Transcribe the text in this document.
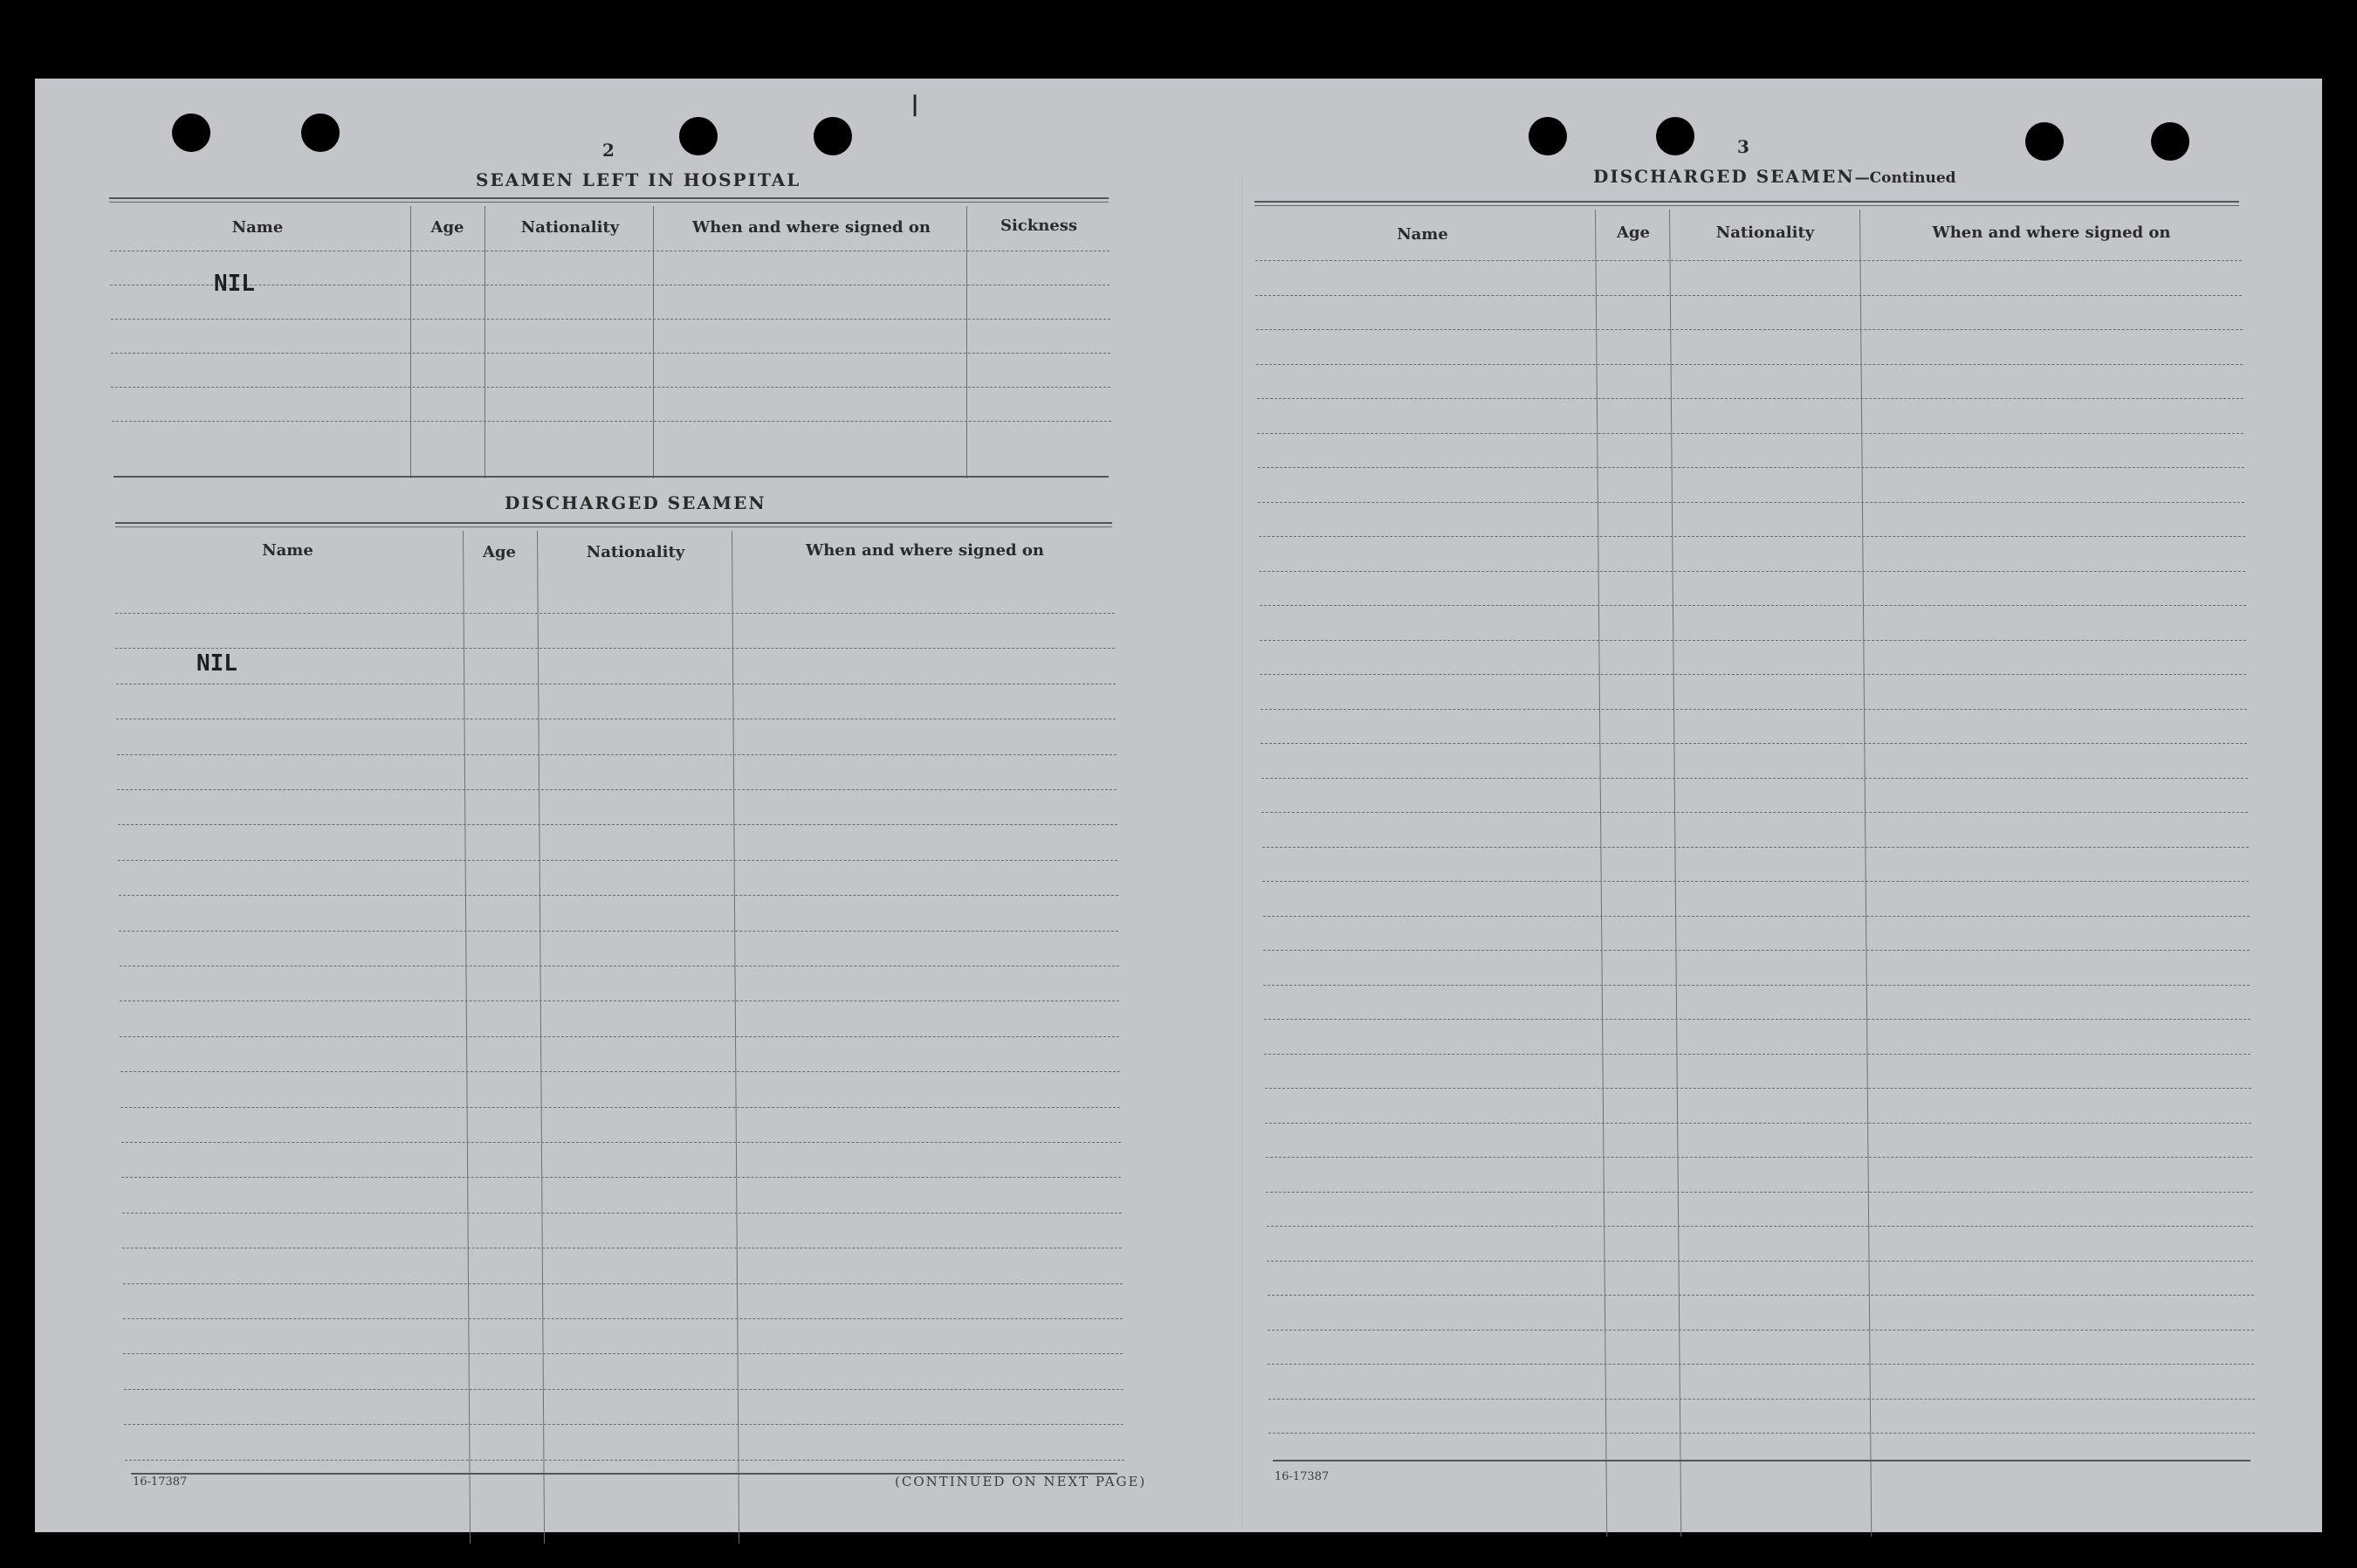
❘
2
SEAMEN LEFT IN HOSPITAL
Name	Age	Nationality	When and where signed on	Sickness
NIL
DISCHARGED SEAMEN
Name	Age	Nationality	When and where signed on
NIL
16-17387	(CONTINUED ON NEXT PAGE)
3
DISCHARGED SEAMEN—Continued
Name	Age	Nationality	When and where signed on
16-17387
